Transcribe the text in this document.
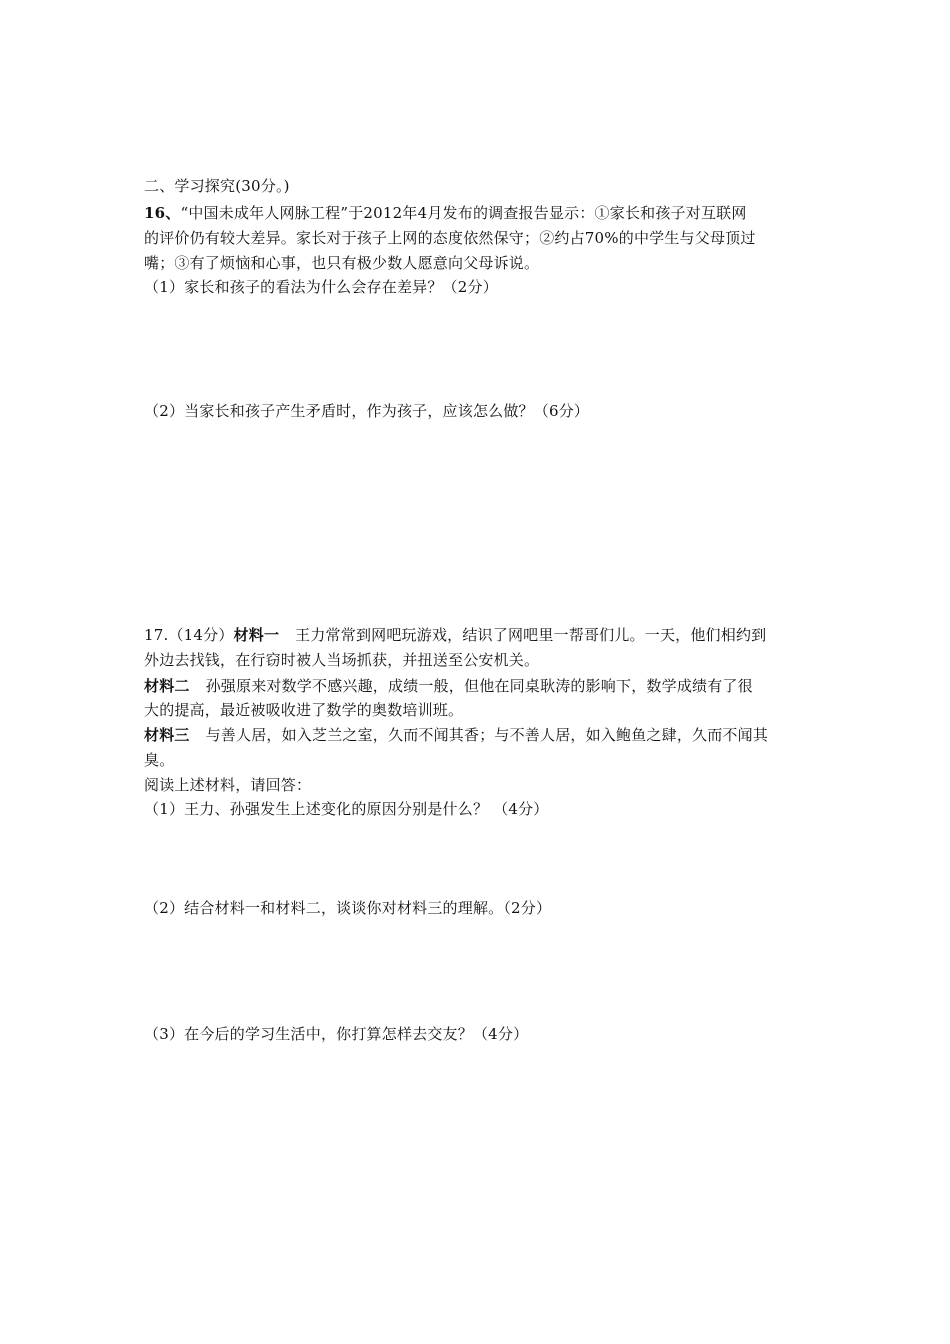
二、学习探究(30分。)
16、“中国未成年人网脉工程”于2012年4月发布的调查报告显示：①家长和孩子对互联网
的评价仍有较大差异。家长对于孩子上网的态度依然保守；②约占70%的中学生与父母顶过
嘴；③有了烦恼和心事，也只有极少数人愿意向父母诉说。
（1）家长和孩子的看法为什么会存在差异？（2分）
（2）当家长和孩子产生矛盾时，作为孩子，应该怎么做？（6分）
17.（14分）材料一 王力常常到网吧玩游戏，结识了网吧里一帮哥们儿。一天，他们相约到
外边去找钱，在行窃时被人当场抓获，并扭送至公安机关。
材料二 孙强原来对数学不感兴趣，成绩一般，但他在同桌耿涛的影响下，数学成绩有了很
大的提高，最近被吸收进了数学的奥数培训班。
材料三 与善人居，如入芝兰之室，久而不闻其香；与不善人居，如入鲍鱼之肆，久而不闻其
臭。
阅读上述材料，请回答：
（1）王力、孙强发生上述变化的原因分别是什么？ （4分）
（2）结合材料一和材料二，谈谈你对材料三的理解。（2分）
（3）在今后的学习生活中，你打算怎样去交友？（4分）
